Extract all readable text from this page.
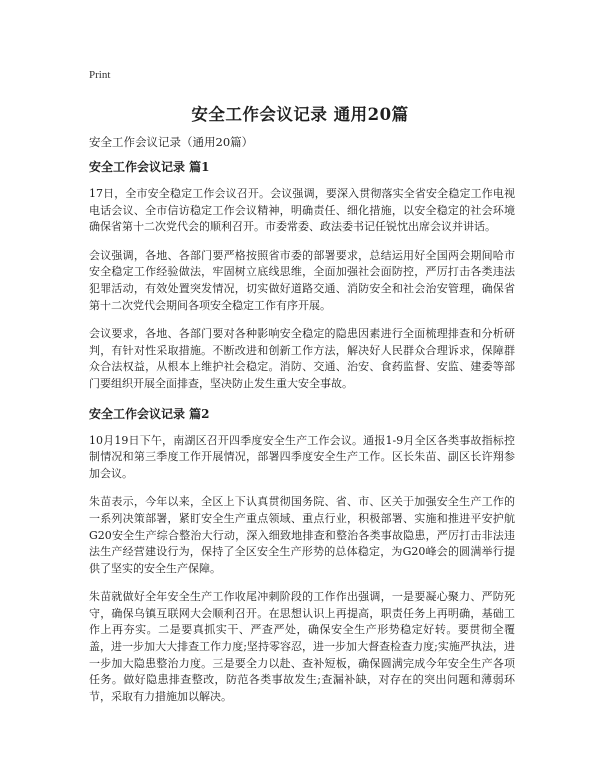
Print
安全工作会议记录 通用20篇
安全工作会议记录（通用20篇）
安全工作会议记录 篇1

17日，全市安全稳定工作会议召开。会议强调，要深入贯彻落实全省安全稳定工作电视电话会议、全市信访稳定工作会议精神，明确责任、细化措施，以安全稳定的社会环境确保省第十二次党代会的顺利召开。市委常委、政法委书记任锐忱出席会议并讲话。

会议强调，各地、各部门要严格按照省市委的部署要求，总结运用好全国两会期间哈市安全稳定工作经验做法，牢固树立底线思维，全面加强社会面防控，严厉打击各类违法犯罪活动，有效处置突发情况，切实做好道路交通、消防安全和社会治安管理，确保省第十二次党代会期间各项安全稳定工作有序开展。

会议要求，各地、各部门要对各种影响安全稳定的隐患因素进行全面梳理排查和分析研判，有针对性采取措施。不断改进和创新工作方法，解决好人民群众合理诉求，保障群众合法权益，从根本上维护社会稳定。消防、交通、治安、食药监督、安监、建委等部门要组织开展全面排查，坚决防止发生重大安全事故。

安全工作会议记录 篇2

10月19日下午，南湖区召开四季度安全生产工作会议。通报1-9月全区各类事故指标控制情况和第三季度工作开展情况，部署四季度安全生产工作。区长朱苗、副区长许翔参加会议。

朱苗表示，今年以来，全区上下认真贯彻国务院、省、市、区关于加强安全生产工作的一系列决策部署，紧盯安全生产重点领域、重点行业，积极部署、实施和推进平安护航G20安全生产综合整治大行动，深入细致地排查和整治各类事故隐患，严厉打击非法违法生产经营建设行为，保持了全区安全生产形势的总体稳定，为G20峰会的圆满举行提供了坚实的安全生产保障。

朱苗就做好全年安全生产工作收尾冲刺阶段的工作作出强调，一是要凝心聚力、严防死守，确保乌镇互联网大会顺利召开。在思想认识上再提高，职责任务上再明确，基础工作上再夯实。二是要真抓实干、严查严处，确保安全生产形势稳定好转。要贯彻全覆盖，进一步加大大排查工作力度;坚持零容忍，进一步加大督查检查力度;实施严执法，进一步加大隐患整治力度。三是要全力以赴、查补短板，确保圆满完成今年安全生产各项任务。做好隐患排查整改，防范各类事故发生;查漏补缺，对存在的突出问题和薄弱环节，采取有力措施加以解决。
